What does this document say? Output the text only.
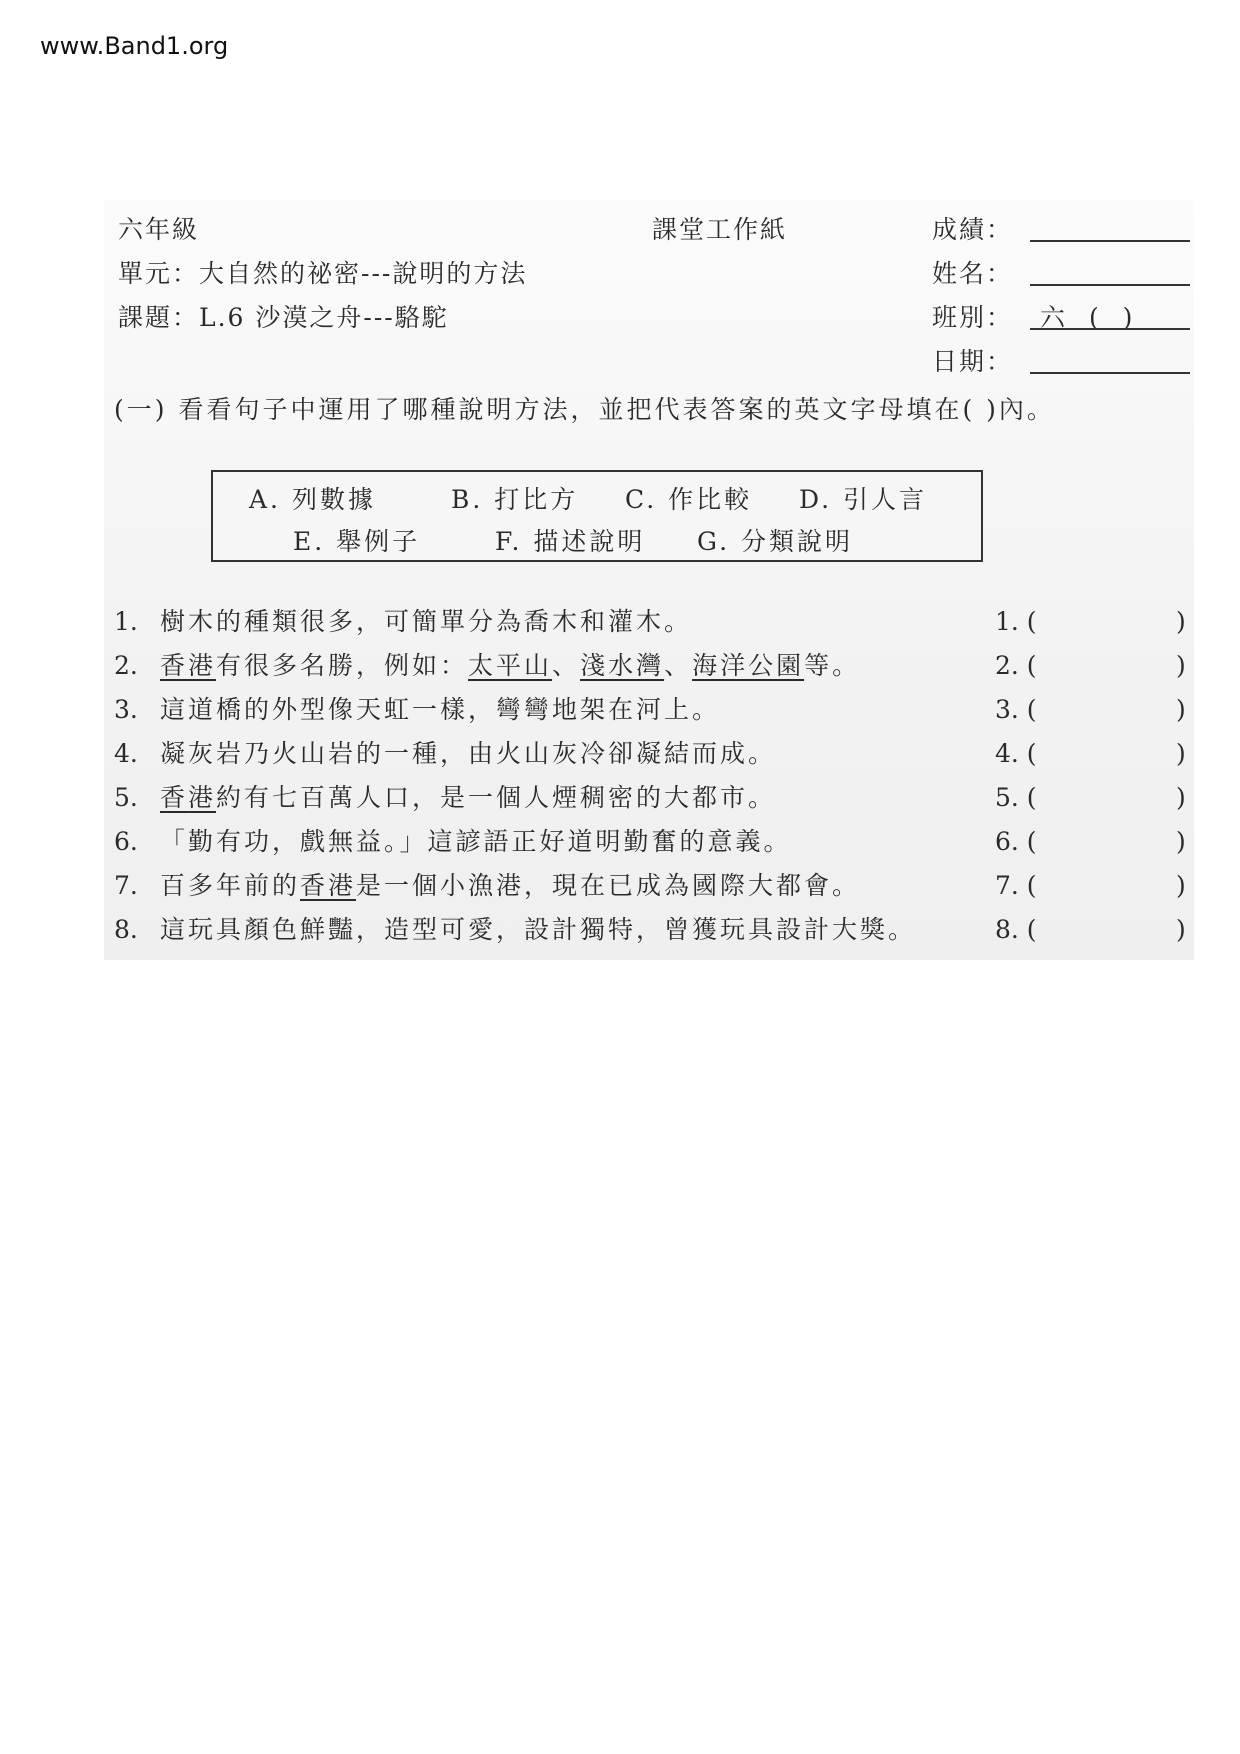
www.Band1.org
六年級	課堂工作紙	成績：
單元：大自然的祕密---說明的方法	姓名：
課題：L.6 沙漠之舟---駱駝	班別： 六 ( )
日期：
(一) 看看句子中運用了哪種說明方法，並把代表答案的英文字母填在( )內。
A. 列數據	B. 打比方 C. 作比較 D. 引人言
E. 舉例子	F. 描述說明 G. 分類說明
1. 樹木的種類很多，可簡單分為喬木和灌木。	1. (	)
2. 香港有很多名勝，例如：太平山、淺水灣、海洋公園等。	2. (	)
3. 這道橋的外型像天虹一樣，彎彎地架在河上。	3. (	)
4. 凝灰岩乃火山岩的一種，由火山灰冷卻凝結而成。	4. (	)
5. 香港約有七百萬人口，是一個人煙稠密的大都市。	5. (	)
6. 「勤有功，戲無益。」這諺語正好道明勤奮的意義。	6. (	)
7. 百多年前的香港是一個小漁港，現在已成為國際大都會。	7. (	)
8. 這玩具顏色鮮豔，造型可愛，設計獨特，曾獲玩具設計大獎。	8. (	)
